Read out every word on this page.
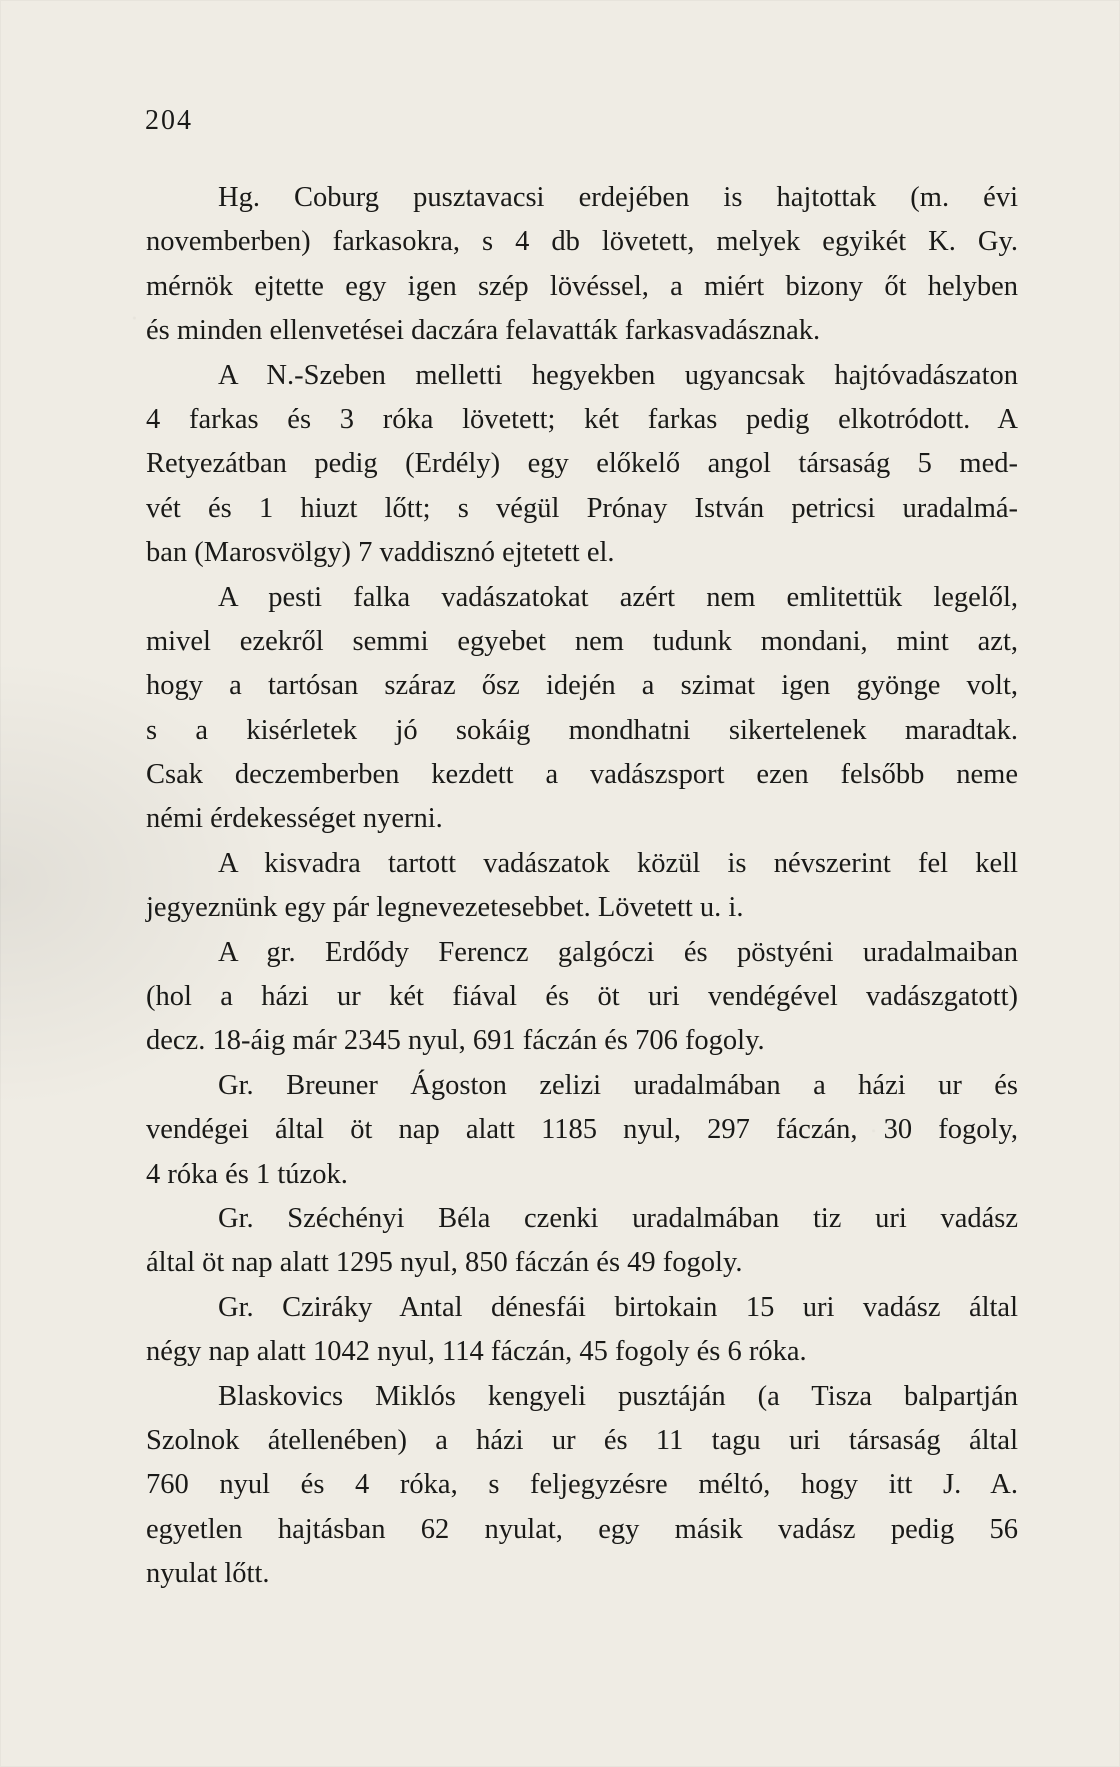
204
Hg. Coburg pusztavacsi erdejében is hajtottak (m. évi
novemberben) farkasokra, s 4 db lövetett, melyek egyikét K. Gy.
mérnök ejtette egy igen szép lövéssel, a miért bizony őt helyben
és minden ellenvetései daczára felavatták farkasvadásznak.
A N.-Szeben melletti hegyekben ugyancsak hajtóvadászaton
4 farkas és 3 róka lövetett; két farkas pedig elkotródott. A
Retyezátban pedig (Erdély) egy előkelő angol társaság 5 med-
vét és 1 hiuzt lőtt; s végül Prónay István petricsi uradalmá-
ban (Marosvölgy) 7 vaddisznó ejtetett el.
A pesti falka vadászatokat azért nem emlitettük legelől,
mivel ezekről semmi egyebet nem tudunk mondani, mint azt,
hogy a tartósan száraz ősz idején a szimat igen gyönge volt,
s a kisérletek jó sokáig mondhatni sikertelenek maradtak.
Csak deczemberben kezdett a vadászsport ezen felsőbb neme
némi érdekességet nyerni.
A kisvadra tartott vadászatok közül is névszerint fel kell
jegyeznünk egy pár legnevezetesebbet. Lövetett u. i.
A gr. Erdődy Ferencz galgóczi és pöstyéni uradalmaiban
(hol a házi ur két fiával és öt uri vendégével vadászgatott)
decz. 18-áig már 2345 nyul, 691 fáczán és 706 fogoly.
Gr. Breuner Ágoston zelizi uradalmában a házi ur és
vendégei által öt nap alatt 1185 nyul, 297 fáczán, 30 fogoly,
4 róka és 1 túzok.
Gr. Széchényi Béla czenki uradalmában tiz uri vadász
által öt nap alatt 1295 nyul, 850 fáczán és 49 fogoly.
Gr. Cziráky Antal dénesfái birtokain 15 uri vadász által
négy nap alatt 1042 nyul, 114 fáczán, 45 fogoly és 6 róka.
Blaskovics Miklós kengyeli pusztáján (a Tisza balpartján
Szolnok átellenében) a házi ur és 11 tagu uri társaság által
760 nyul és 4 róka, s feljegyzésre méltó, hogy itt J. A.
egyetlen hajtásban 62 nyulat, egy másik vadász pedig 56
nyulat lőtt.
